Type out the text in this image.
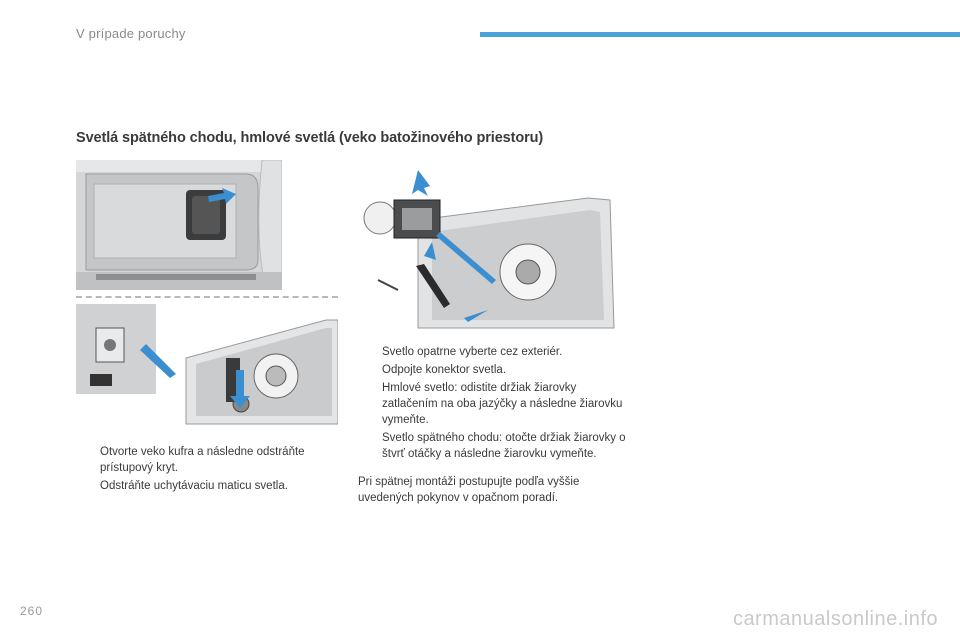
V prípade poruchy
Svetlá spätného chodu, hmlové svetlá (veko batožinového priestoru)
Otvorte veko kufra a následne odstráňte prístupový kryt.
Odstráňte uchytávaciu maticu svetla.
Svetlo opatrne vyberte cez exteriér.
Odpojte konektor svetla.
Hmlové svetlo: odistite držiak žiarovky zatlačením na oba jazýčky a následne žiarovku vymeňte.
Svetlo spätného chodu: otočte držiak žiarovky o štvrť otáčky a následne žiarovku vymeňte.
Pri spätnej montáži postupujte podľa vyššie uvedených pokynov v opačnom poradí.
260	carmanualsonline.info
